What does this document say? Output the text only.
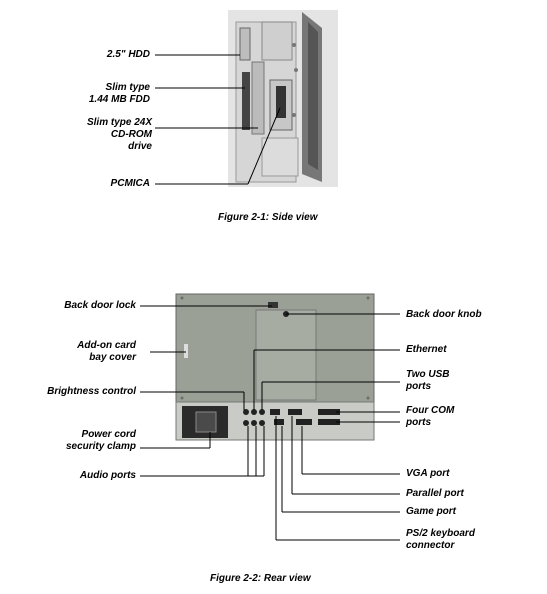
2.5" HDD
Slim type
1.44 MB FDD
Slim type 24X
CD-ROM
drive
PCMICA
Figure 2-1: Side view
Back door lock
Add-on card
bay cover
Brightness control
Power cord
security clamp
Audio ports
Back door knob
Ethernet
Two USB
ports
Four COM
ports
VGA port
Parallel port
Game port
PS/2 keyboard
connector
Figure 2-2: Rear view
